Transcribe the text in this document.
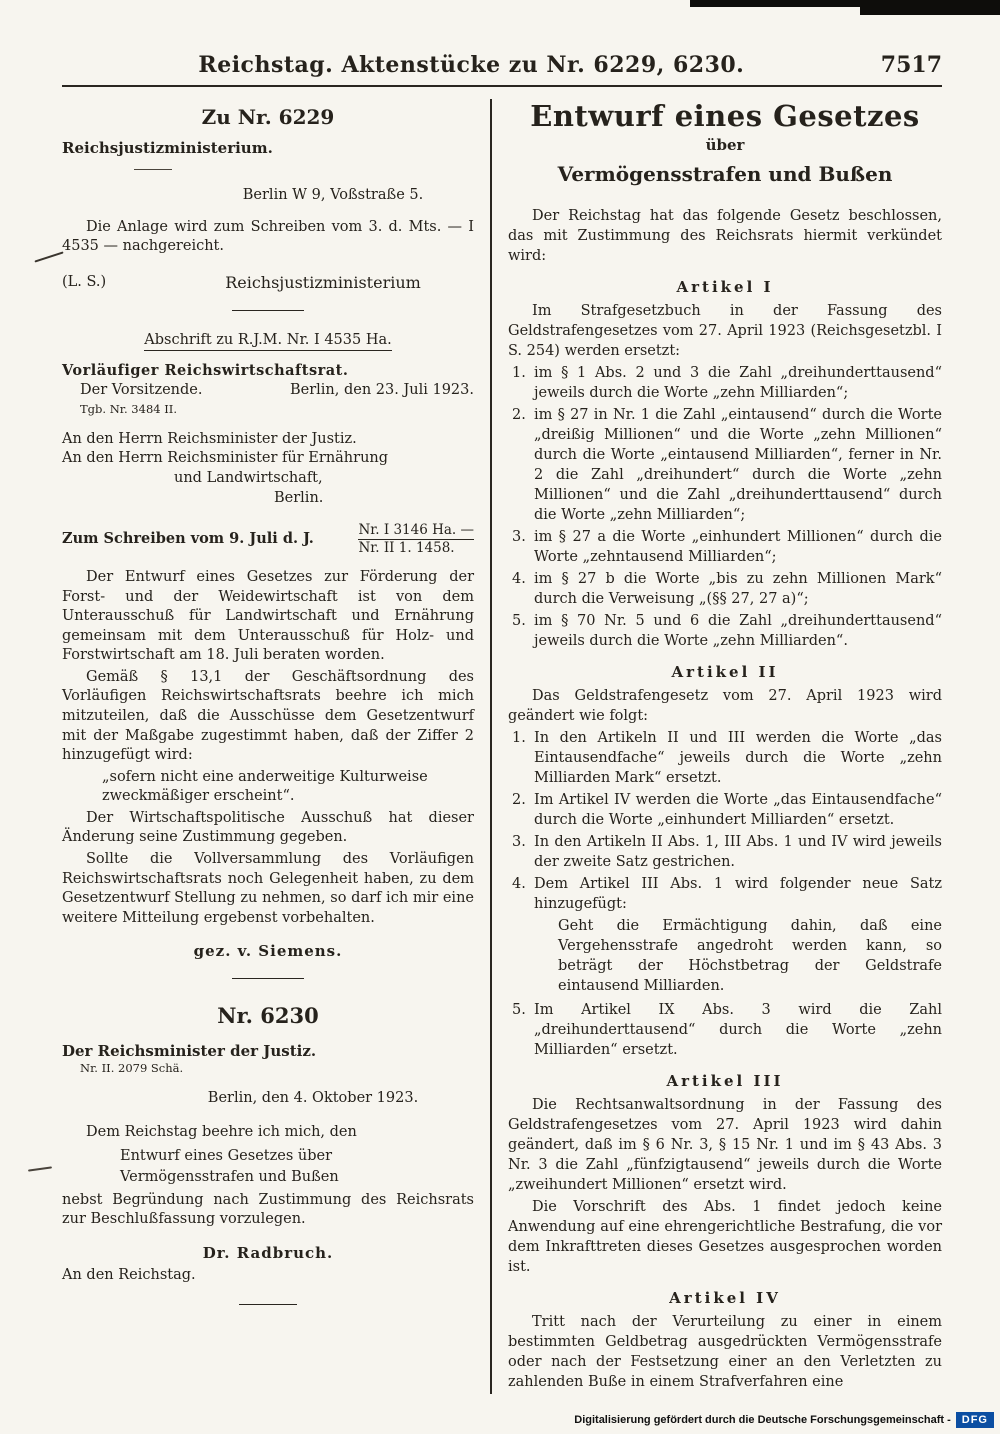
Reichstag. Aktenstücke zu Nr. 6229, 6230.	7517
Zu Nr. 6229
Reichsjustizministerium.
Berlin W 9, Voßstraße 5.

Die Anlage wird zum Schreiben vom 3. d. Mts. — I 4535 — nachgereicht.

(L. S.)	Reichsjustizministerium
Abschrift zu R.J.M. Nr. I 4535 Ha.
Vorläufiger Reichswirtschaftsrat.
Der Vorsitzende.	Berlin, den 23. Juli 1923.
Tgb. Nr. 3484 II.
An den Herrn Reichsminister der Justiz.
An den Herrn Reichsminister für Ernährung
und Landwirtschaft,
Berlin.
Zum Schreiben vom 9. Juli d. J.
Nr. I 3146 Ha. —
Nr. II 1. 1458.

Der Entwurf eines Gesetzes zur Förderung der Forst- und der Weidewirtschaft ist von dem Unterausschuß für Landwirtschaft und Ernährung gemeinsam mit dem Unterausschuß für Holz- und Forstwirtschaft am 18. Juli beraten worden.

Gemäß § 13,1 der Geschäftsordnung des Vorläufigen Reichswirtschaftsrats beehre ich mich mitzuteilen, daß die Ausschüsse dem Gesetzentwurf mit der Maßgabe zugestimmt haben, daß der Ziffer 2 hinzugefügt wird:

„sofern nicht eine anderweitige Kulturweise zweckmäßiger erscheint“.

Der Wirtschaftspolitische Ausschuß hat dieser Änderung seine Zustimmung gegeben.

Sollte die Vollversammlung des Vorläufigen Reichswirtschaftsrats noch Gelegenheit haben, zu dem Gesetzentwurf Stellung zu nehmen, so darf ich mir eine weitere Mitteilung ergebenst vorbehalten.

gez. v. Siemens.
Nr. 6230
Der Reichsminister der Justiz.
Nr. II. 2079 Schä.
Berlin, den 4. Oktober 1923.

Dem Reichstag beehre ich mich, den

Entwurf eines Gesetzes über Vermögensstrafen und Bußen

nebst Begründung nach Zustimmung des Reichsrats zur Beschlußfassung vorzulegen.

Dr. Radbruch.
An den Reichstag.
Entwurf eines Gesetzes
über
Vermögensstrafen und Bußen

Der Reichstag hat das folgende Gesetz beschlossen, das mit Zustimmung des Reichsrats hiermit verkündet wird:

Artikel I

Im Strafgesetzbuch in der Fassung des Geldstrafengesetzes vom 27. April 1923 (Reichsgesetzbl. I S. 254) werden ersetzt:

1. im § 1 Abs. 2 und 3 die Zahl „dreihunderttausend“ jeweils durch die Worte „zehn Milliarden“;
2. im § 27 in Nr. 1 die Zahl „eintausend“ durch die Worte „dreißig Millionen“ und die Worte „zehn Millionen“ durch die Worte „eintausend Milliarden“, ferner in Nr. 2 die Zahl „dreihundert“ durch die Worte „zehn Millionen“ und die Zahl „dreihunderttausend“ durch die Worte „zehn Milliarden“;
3. im § 27 a die Worte „einhundert Millionen“ durch die Worte „zehntausend Milliarden“;
4. im § 27 b die Worte „bis zu zehn Millionen Mark“ durch die Verweisung „(§§ 27, 27 a)“;
5. im § 70 Nr. 5 und 6 die Zahl „dreihunderttausend“ jeweils durch die Worte „zehn Milliarden“.
Artikel II

Das Geldstrafengesetz vom 27. April 1923 wird geändert wie folgt:

1. In den Artikeln II und III werden die Worte „das Eintausendfache“ jeweils durch die Worte „zehn Milliarden Mark“ ersetzt.
2. Im Artikel IV werden die Worte „das Eintausendfache“ durch die Worte „einhundert Milliarden“ ersetzt.
3. In den Artikeln II Abs. 1, III Abs. 1 und IV wird jeweils der zweite Satz gestrichen.
4. Dem Artikel III Abs. 1 wird folgender neue Satz hinzugefügt:
Geht die Ermächtigung dahin, daß eine Vergehensstrafe angedroht werden kann, so beträgt der Höchstbetrag der Geldstrafe eintausend Milliarden.
5. Im Artikel IX Abs. 3 wird die Zahl „dreihunderttausend“ durch die Worte „zehn Milliarden“ ersetzt.
Artikel III

Die Rechtsanwaltsordnung in der Fassung des Geldstrafengesetzes vom 27. April 1923 wird dahin geändert, daß im § 6 Nr. 3, § 15 Nr. 1 und im § 43 Abs. 3 Nr. 3 die Zahl „fünfzigtausend“ jeweils durch die Worte „zweihundert Millionen“ ersetzt wird.

Die Vorschrift des Abs. 1 findet jedoch keine Anwendung auf eine ehrengerichtliche Bestrafung, die vor dem Inkrafttreten dieses Gesetzes ausgesprochen worden ist.

Artikel IV

Tritt nach der Verurteilung zu einer in einem bestimmten Geldbetrag ausgedrückten Vermögensstrafe oder nach der Festsetzung einer an den Verletzten zu zahlenden Buße in einem Strafverfahren eine

Digitalisierung gefördert durch die Deutsche Forschungsgemeinschaft -	DFG
